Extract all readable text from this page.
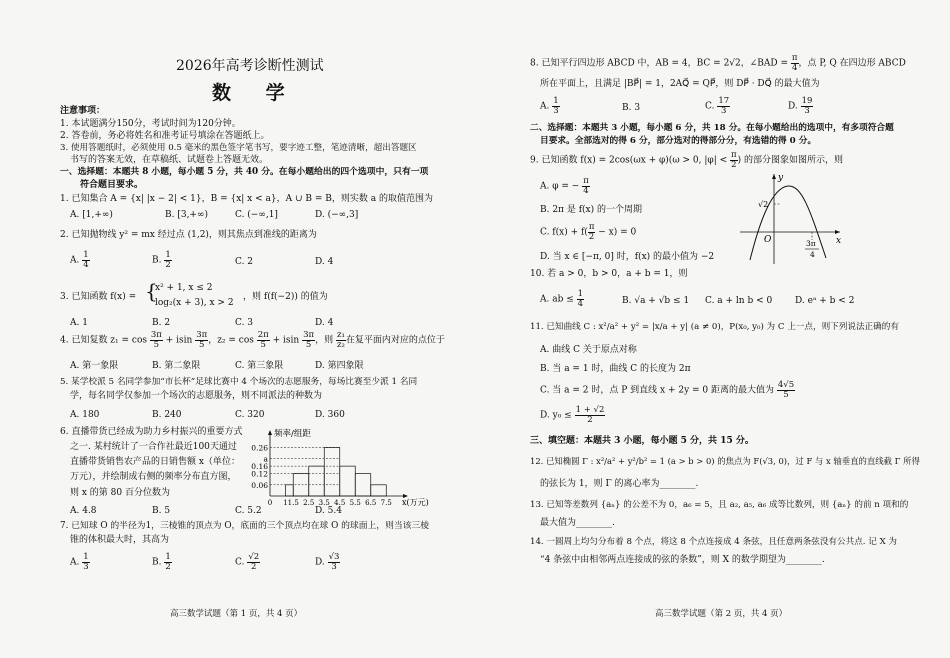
2026年高考诊断性测试
数 学
注意事项：
1. 本试题满分150分，考试时间为120分钟。
2. 答卷前，务必将姓名和准考证号填涂在答题纸上。
3. 使用答题纸时，必须使用 0.5 毫米的黑色签字笔书写，要字迹工整，笔迹清晰，超出答题区
书写的答案无效，在草稿纸、试题卷上答题无效。
一、选择题：本题共 8 小题，每小题 5 分，共 40 分。在每小题给出的四个选项中，只有一项
符合题目要求。
1. 已知集合 A = {x| |x − 2| < 1}，B = {x| x < a}，A ∪ B = B，则实数 a 的取值范围为
A. [1,+∞)	B. [3,+∞)	C. (−∞,1]	D. (−∞,3]
2. 已知抛物线 y² = mx 经过点 (1,2)，则其焦点到准线的距离为
A. $\frac{1}{4}$	B. $\frac{1}{2}$	C. 2	D. 4
3. 已知函数 f(x) = {
x² + 1, x ≤ 2
log₂(x + 3), x > 2
，则 f(f(−2)) 的值为
A. 1	B. 2	C. 3	D. 4
4. 已知复数 $z_1 = \cos \frac{3\pi}{5} + isin \frac{3\pi}{5}$ ，$z_2 = \cos \frac{2\pi}{5} + isin \frac{3\pi}{5}$ ，则 $\frac{\text{z₁}}{\text{z₂}}$ 在复平面内对应的点位于
A. 第一象限	B. 第二象限	C. 第三象限	D. 第四象限
5. 某学校派 5 名同学参加“市长杯”足球比赛中 4 个场次的志愿服务，每场比赛至少派 1 名同
学，每名同学仅参加一个场次的志愿服务，则不同派法的种数为
A. 180	B. 240	C. 320	D. 360
6. 直播带货已经成为助力乡村振兴的重要方式
之一. 某村统计了一合作社最近100天通过
直播带货销售农产品的日销售额 x（单位：
万元），并绘制成右侧的频率分布直方图，
则 x 的第 80 百分位数为
频率/组距
0.26
a
0.16
0.12
0.06
0 1 1.5 2.5 3.5 4.5 5.5 6.5 7.5 x(万元)
A. 4.8	B. 5	C. 5.2	D. 5.4
7. 已知球 O 的半径为1，三棱锥的顶点为 O，底面的三个顶点均在球 O 的球面上，则当该三棱
锥的体积最大时，其高为
A. $\frac{1}{3}$	B. $\frac{1}{2}$	C. $\frac{√2}{2}$	D. $\frac{√3}{3}$
高三数学试题（第 1 页，共 4 页）
8. 已知平行四边形 ABCD 中，AB = 4，BC = 2√2，∠BAD = $\frac{\pi}{4}$ ，点 P, Q 在四边形 ABCD
所在平面上，且满足 |BP⃗| = 1，2AQ⃗ = QP⃗，则 DP⃗ · DQ⃗ 的最大值为
A. $\frac{1}{3}$	B. 3	C. $\frac{17}{3}$	D. $\frac{19}{3}$
二、选择题：本题共 3 小题，每小题 6 分，共 18 分。在每小题给出的选项中，有多项符合题
目要求。全部选对的得 6 分，部分选对的得部分分，有选错的得 0 分。
9. 已知函数 f(x) = 2cos(ωx + φ)(ω > 0, $|\varphi| < \frac{\pi}{2}$ ) 的部分图象如图所示，则
A. φ = − $\frac{\pi}{4}$
B. 2π 是 f(x) 的一个周期
C. $f(x) + f( \frac{\pi}{2} - x) = 0$
D. 当 x ∈ [−π, 0] 时，f(x) 的最小值为 −2
y
x
O
√2
3π
4
10. 若 a > 0，b > 0，a + b = 1，则
A. ab ≤ $\frac{1}{4}$	B. √a + √b ≤ 1 C. a + ln b < 0	D. eᵃ + b < 2
11. 已知曲线 C : x²/a² + y² = |x/a + y| (a ≠ 0)，P(x₀, y₀) 为 C 上一点，则下列说法正确的有
A. 曲线 C 关于原点对称
B. 当 a = 1 时，曲线 C 的长度为 2π
C. 当 a = 2 时，点 P 到直线 x + 2y = 0 距离的最大值为 $\frac{4√5}{5}$
D. $y_0 \le \frac{1 + √2}{2}$
三、填空题：本题共 3 小题，每小题 5 分，共 15 分。
12. 已知椭圆 Γ : x²/a² + y²/b² = 1 (a > b > 0) 的焦点为 F(√3, 0)，过 F 与 x 轴垂直的直线截 Γ 所得
的弦长为 1，则 Γ 的离心率为________.
13. 已知等差数列 {aₙ} 的公差不为 0，a₆ = 5，且 a₂, a₅, a₆ 成等比数列，则 {aₙ} 的前 n 项和的
最大值为________.
14. 一圆周上均匀分布着 8 个点，将这 8 个点连接成 4 条弦，且任意两条弦没有公共点. 记 X 为
“4 条弦中由相邻两点连接成的弦的条数”，则 X 的数学期望为________.
高三数学试题（第 2 页，共 4 页）
